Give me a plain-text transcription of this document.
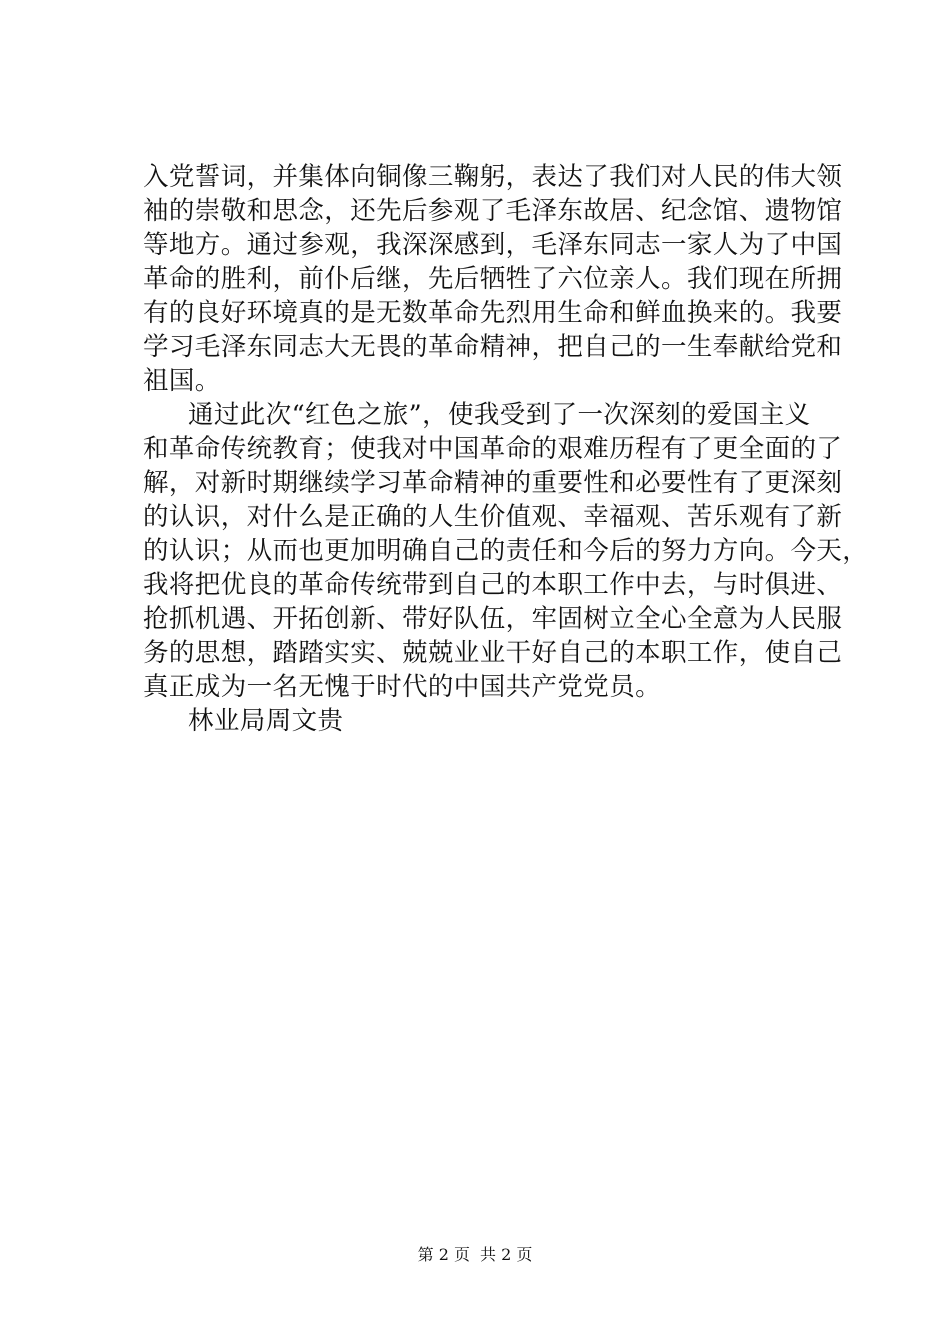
入党誓词，并集体向铜像三鞠躬，表达了我们对人民的伟大领
袖的崇敬和思念，还先后参观了毛泽东故居、纪念馆、遗物馆
等地方。通过参观，我深深感到，毛泽东同志一家人为了中国
革命的胜利，前仆后继，先后牺牲了六位亲人。我们现在所拥
有的良好环境真的是无数革命先烈用生命和鲜血换来的。我要
学习毛泽东同志大无畏的革命精神，把自己的一生奉献给党和
祖国。
通过此次“红色之旅”，使我受到了一次深刻的爱国主义
和革命传统教育；使我对中国革命的艰难历程有了更全面的了
解，对新时期继续学习革命精神的重要性和必要性有了更深刻
的认识，对什么是正确的人生价值观、幸福观、苦乐观有了新
的认识；从而也更加明确自己的责任和今后的努力方向。今天，
我将把优良的革命传统带到自己的本职工作中去，与时俱进、
抢抓机遇、开拓创新、带好队伍，牢固树立全心全意为人民服
务的思想，踏踏实实、兢兢业业干好自己的本职工作，使自己
真正成为一名无愧于时代的中国共产党党员。
林业局周文贵
第 2 页 共 2 页
